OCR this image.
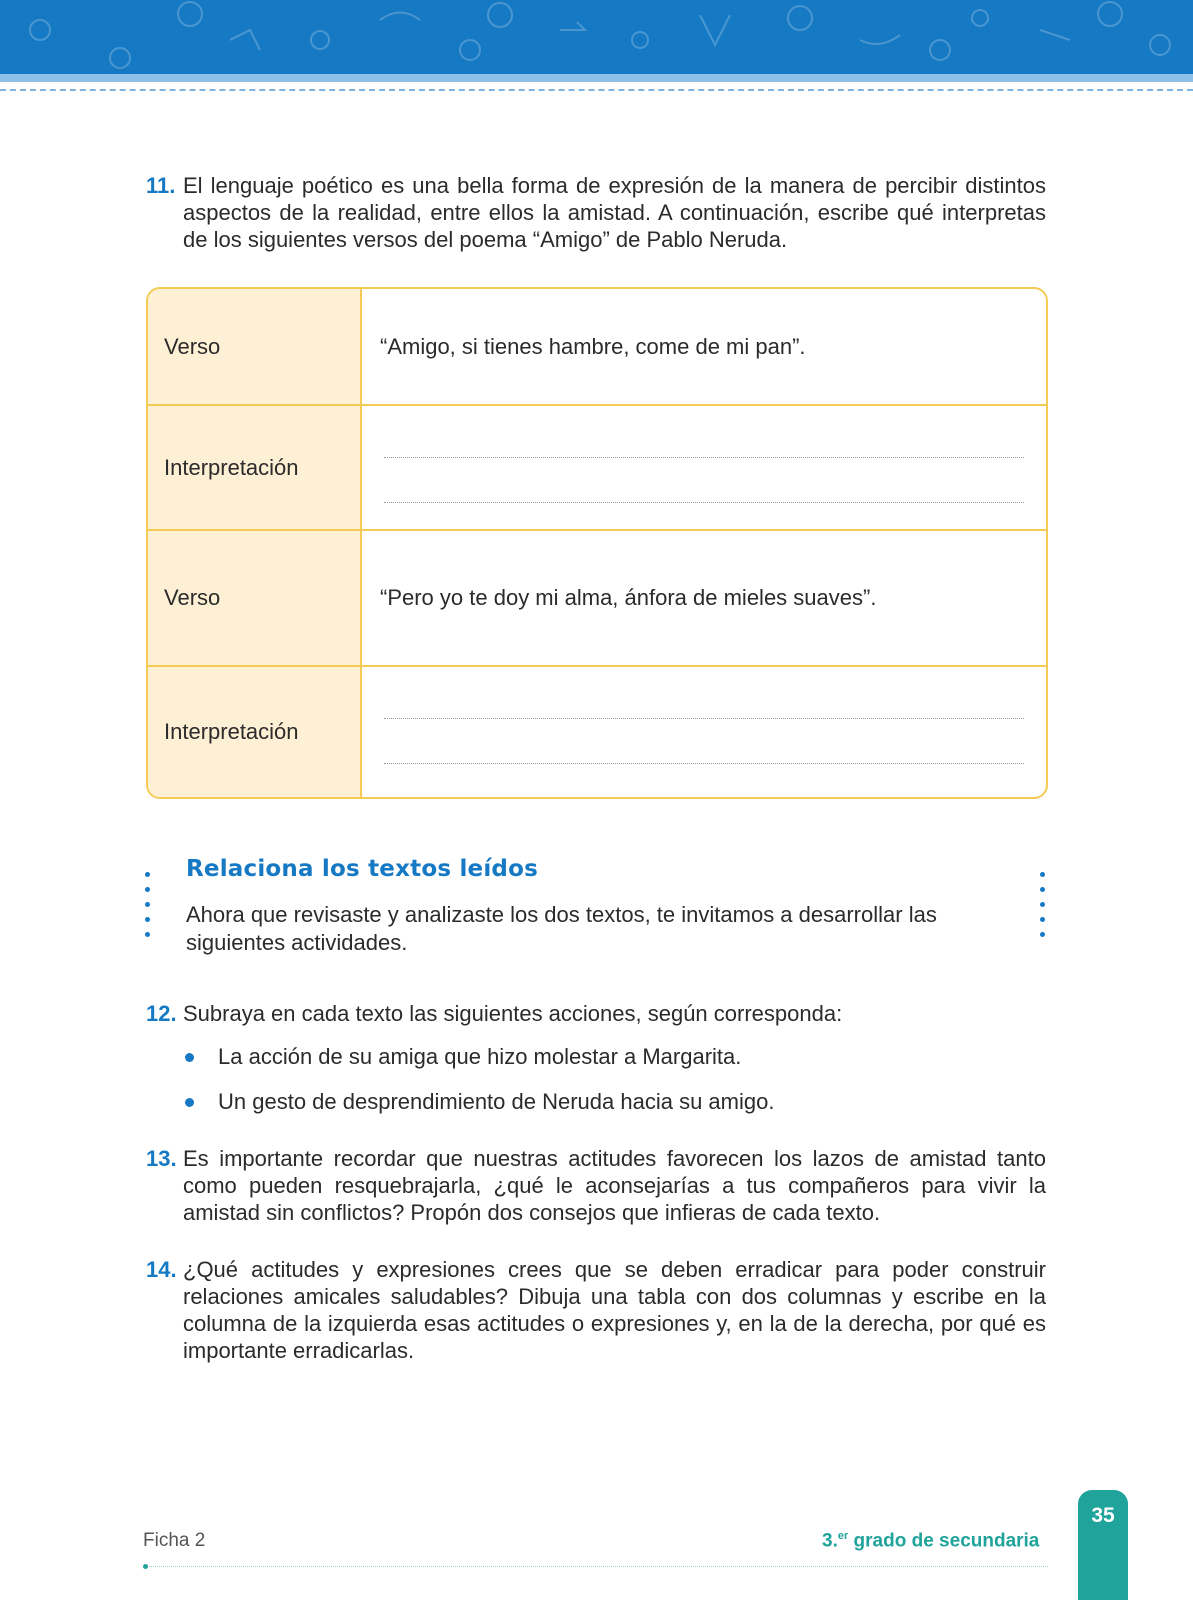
11. El lenguaje poético es una bella forma de expresión de la manera de percibir distintos aspectos de la realidad, entre ellos la amistad. A continuación, escribe qué interpretas de los siguientes versos del poema “Amigo” de Pablo Neruda.

Verso	“Amigo, si tienes hambre, come de mi pan”.
Interpretación
Verso	“Pero yo te doy mi alma, ánfora de mieles suaves”.
Interpretación
Relaciona los textos leídos

Ahora que revisaste y analizaste los dos textos, te invitamos a desarrollar las siguientes actividades.

12. Subraya en cada texto las siguientes acciones, según corresponda:

La acción de su amiga que hizo molestar a Margarita.
Un gesto de desprendimiento de Neruda hacia su amigo.
13. Es importante recordar que nuestras actitudes favorecen los lazos de amistad tanto como pueden resquebrajarla, ¿qué le aconsejarías a tus compañeros para vivir la amistad sin conflictos? Propón dos consejos que infieras de cada texto.

14. ¿Qué actitudes y expresiones crees que se deben erradicar para poder construir relaciones amicales saludables? Dibuja una tabla con dos columnas y escribe en la columna de la izquierda esas actitudes o expresiones y, en la de la derecha, por qué es importante erradicarlas.

Ficha 2	3.$^{er}$ grado de secundaria
35
